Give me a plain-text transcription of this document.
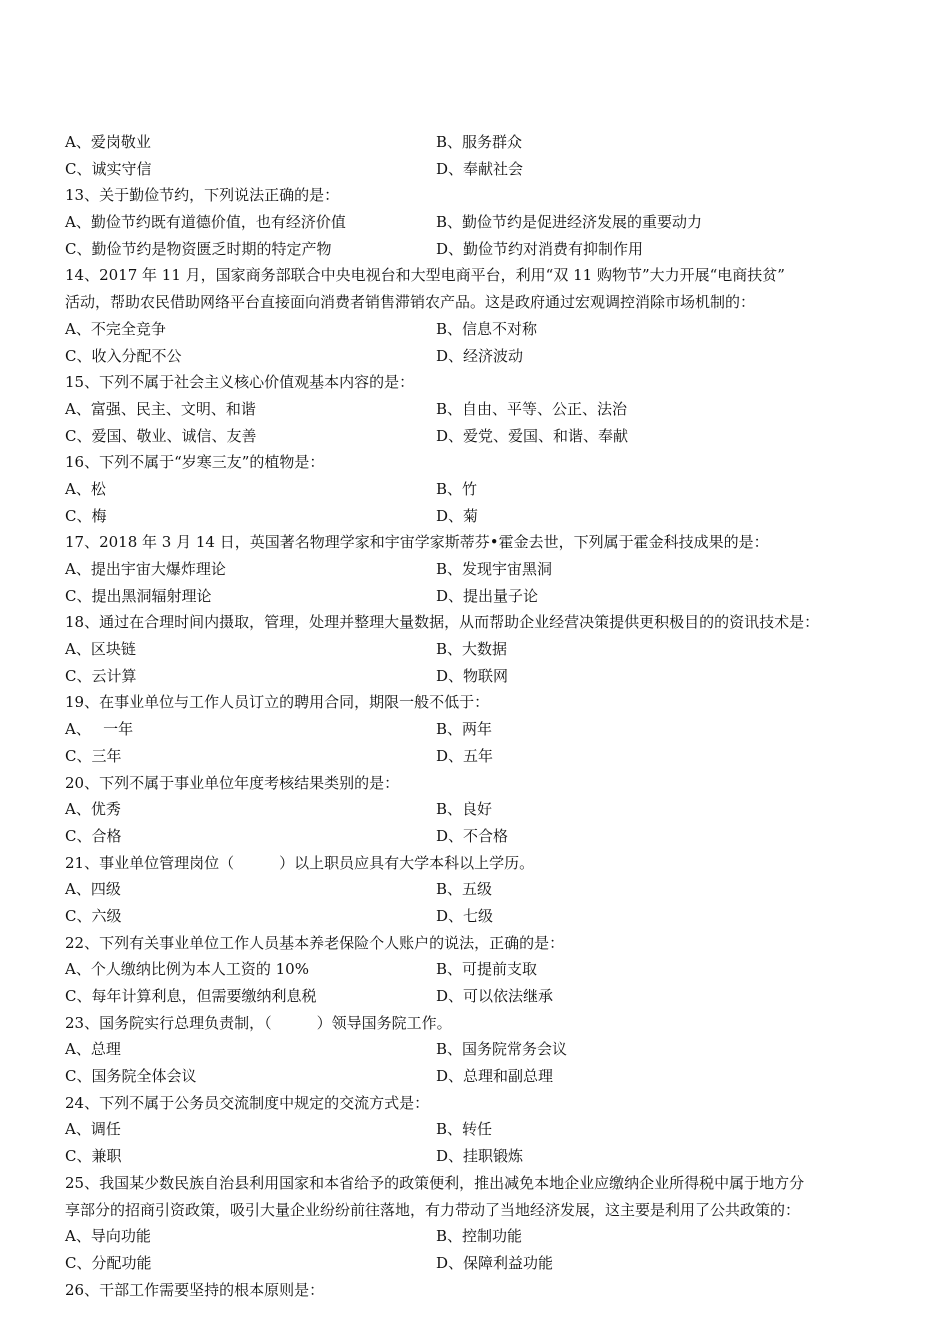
A、爱岗敬业	B、服务群众
C、诚实守信	D、奉献社会
13、关于勤俭节约，下列说法正确的是：
A、勤俭节约既有道德价值，也有经济价值	B、勤俭节约是促进经济发展的重要动力
C、勤俭节约是物资匮乏时期的特定产物	D、勤俭节约对消费有抑制作用
14、2017 年 11 月，国家商务部联合中央电视台和大型电商平台，利用“双 11 购物节”大力开展“电商扶贫”
活动，帮助农民借助网络平台直接面向消费者销售滞销农产品。这是政府通过宏观调控消除市场机制的：
A、不完全竞争	B、信息不对称
C、收入分配不公	D、经济波动
15、下列不属于社会主义核心价值观基本内容的是：
A、富强、民主、文明、和谐	B、自由、平等、公正、法治
C、爱国、敬业、诚信、友善	D、爱党、爱国、和谐、奉献
16、下列不属于“岁寒三友”的植物是：
A、松	B、竹
C、梅	D、菊
17、2018 年 3 月 14 日，英国著名物理学家和宇宙学家斯蒂芬•霍金去世，下列属于霍金科技成果的是：
A、提出宇宙大爆炸理论	B、发现宇宙黑洞
C、提出黑洞辐射理论	D、提出量子论
18、通过在合理时间内摄取，管理，处理并整理大量数据，从而帮助企业经营决策提供更积极目的的资讯技术是：
A、区块链	B、大数据
C、云计算	D、物联网
19、在事业单位与工作人员订立的聘用合同，期限一般不低于：
A、　 一年	B、两年
C、三年	D、五年
20、下列不属于事业单位年度考核结果类别的是：
A、优秀	B、良好
C、合格	D、不合格
21、事业单位管理岗位（　　　）以上职员应具有大学本科以上学历。
A、四级	B、五级
C、六级	D、七级
22、下列有关事业单位工作人员基本养老保险个人账户的说法，正确的是：
A、个人缴纳比例为本人工资的 10%	B、可提前支取
C、每年计算利息，但需要缴纳利息税	D、可以依法继承
23、国务院实行总理负责制，（　　　）领导国务院工作。
A、总理	B、国务院常务会议
C、国务院全体会议	D、总理和副总理
24、下列不属于公务员交流制度中规定的交流方式是：
A、调任	B、转任
C、兼职	D、挂职锻炼
25、我国某少数民族自治县利用国家和本省给予的政策便利，推出减免本地企业应缴纳企业所得税中属于地方分
享部分的招商引资政策，吸引大量企业纷纷前往落地，有力带动了当地经济发展，这主要是利用了公共政策的：
A、导向功能	B、控制功能
C、分配功能	D、保障利益功能
26、干部工作需要坚持的根本原则是：
